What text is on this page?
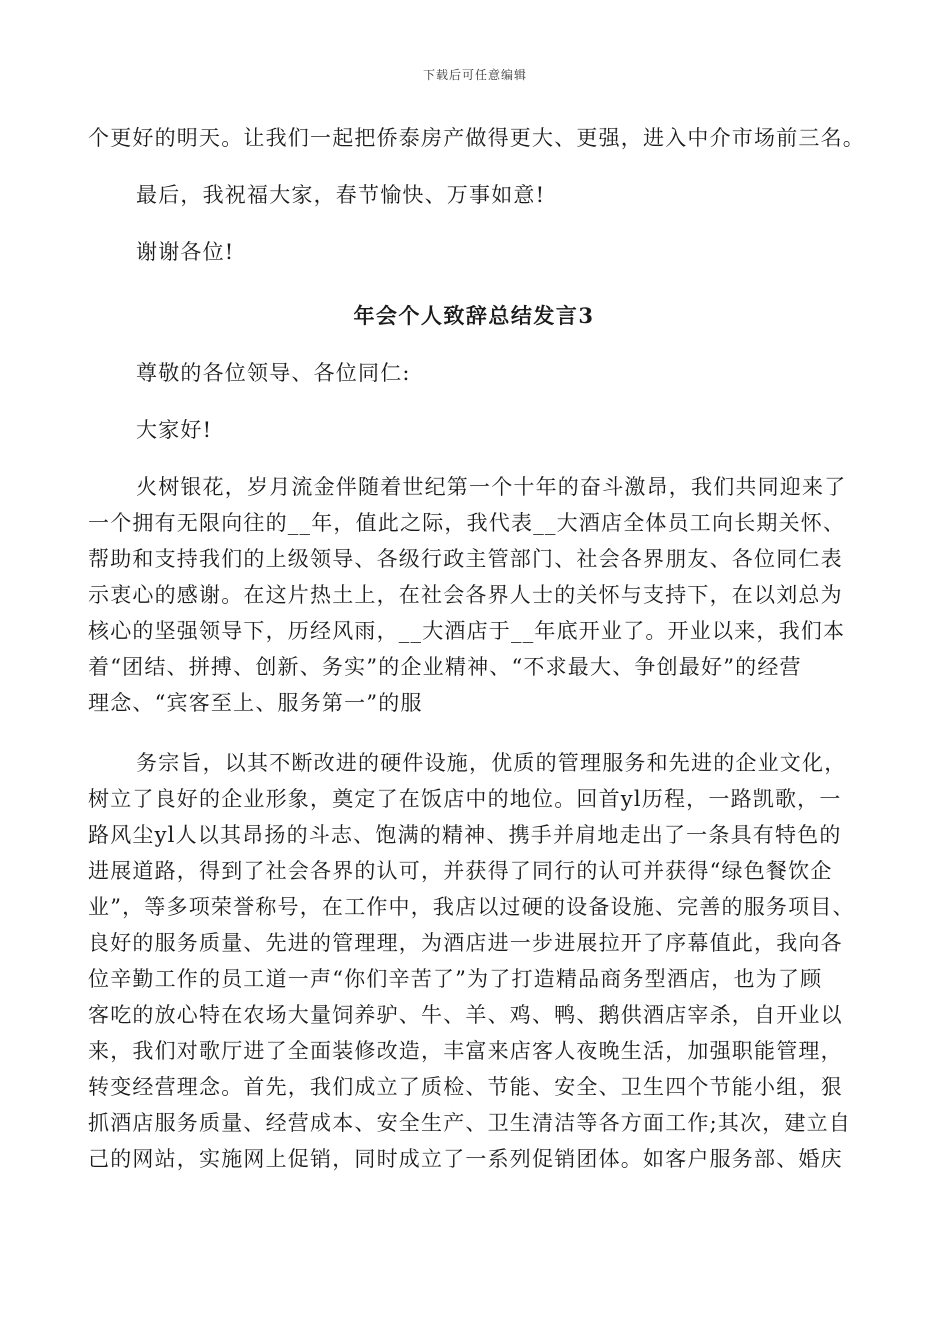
下载后可任意编辑
个更好的明天。让我们一起把侨泰房产做得更大、更强，进入中介市场前三名。
最后，我祝福大家，春节愉快、万事如意!
谢谢各位!
年会个人致辞总结发言3
尊敬的各位领导、各位同仁:
大家好!
火树银花，岁月流金伴随着世纪第一个十年的奋斗激昂，我们共同迎来了
一个拥有无限向往的__年，值此之际，我代表__大酒店全体员工向长期关怀、
帮助和支持我们的上级领导、各级行政主管部门、社会各界朋友、各位同仁表
示衷心的感谢。在这片热土上，在社会各界人士的关怀与支持下，在以刘总为
核心的坚强领导下，历经风雨，__大酒店于__年底开业了。开业以来，我们本
着“团结、拼搏、创新、务实”的企业精神、“不求最大、争创最好”的经营
理念、“宾客至上、服务第一”的服
务宗旨，以其不断改进的硬件设施，优质的管理服务和先进的企业文化，
树立了良好的企业形象，奠定了在饭店中的地位。回首yl历程，一路凯歌，一
路风尘yl人以其昂扬的斗志、饱满的精神、携手并肩地走出了一条具有特色的
进展道路，得到了社会各界的认可，并获得了同行的认可并获得“绿色餐饮企
业”，等多项荣誉称号，在工作中，我店以过硬的设备设施、完善的服务项目、
良好的服务质量、先进的管理理，为酒店进一步进展拉开了序幕值此，我向各
位辛勤工作的员工道一声“你们辛苦了”为了打造精品商务型酒店，也为了顾
客吃的放心特在农场大量饲养驴、牛、羊、鸡、鸭、鹅供酒店宰杀，自开业以
来，我们对歌厅进了全面装修改造，丰富来店客人夜晚生活，加强职能管理，
转变经营理念。首先，我们成立了质检、节能、安全、卫生四个节能小组，狠
抓酒店服务质量、经营成本、安全生产、卫生清洁等各方面工作;其次，建立自
己的网站，实施网上促销，同时成立了一系列促销团体。如客户服务部、婚庆
